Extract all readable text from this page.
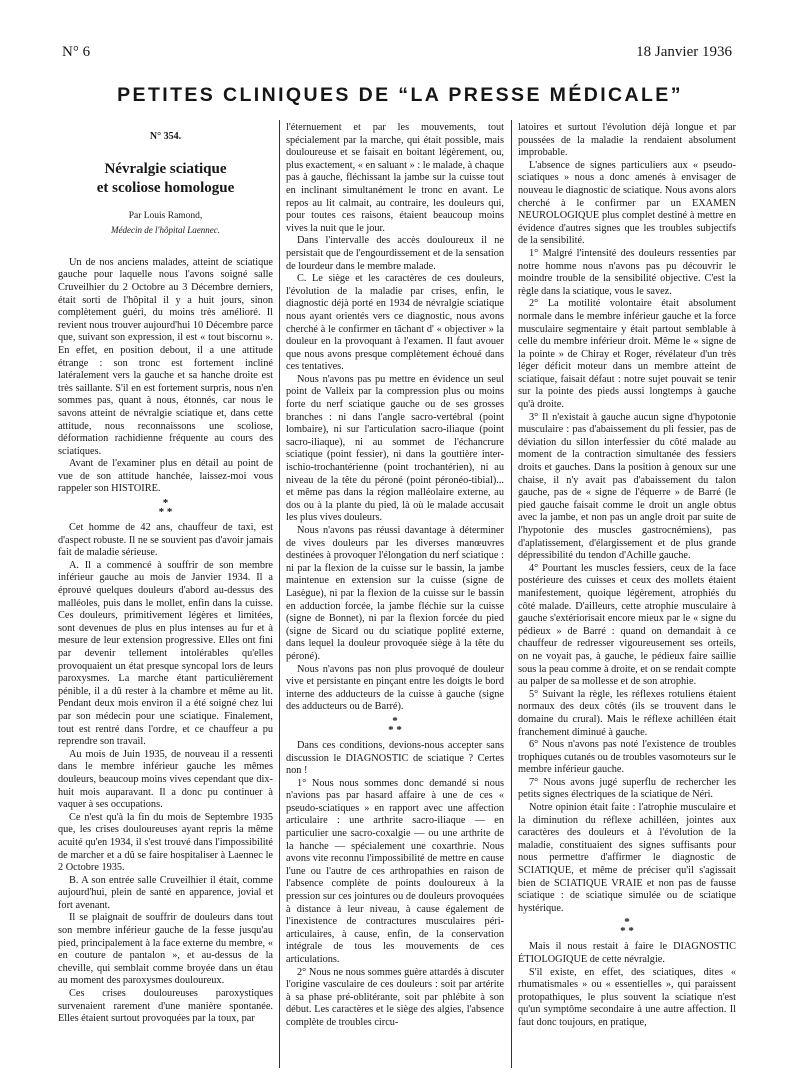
N° 6	18 Janvier 1936
PETITES CLINIQUES DE “LA PRESSE MÉDICALE”

N° 354.

Névralgie sciatique
et scoliose homologue

Par Louis Ramond,

Médecin de l'hôpital Laennec.

Un de nos anciens malades, atteint de sciatique gauche pour laquelle nous l'avons soigné salle Cruveilhier du 2 Octobre au 3 Décembre derniers, était sorti de l'hôpital il y a huit jours, sinon complètement guéri, du moins très amélioré. Il revient nous trouver aujourd'hui 10 Décembre parce que, suivant son expression, il est « tout biscornu ». En effet, en position debout, il a une attitude étrange : son tronc est fortement incliné latéralement vers la gauche et sa hanche droite est très saillante. S'il en est fortement surpris, nous n'en sommes pas, quant à nous, étonnés, car nous le savons atteint de névralgie sciatique et, dans cette attitude, nous reconnaissons une scoliose, déformation rachidienne fréquente au cours des sciatiques.

Avant de l'examiner plus en détail au point de vue de son attitude hanchée, laissez-moi vous rappeler son HISTOIRE.

*
* *

Cet homme de 42 ans, chauffeur de taxi, est d'aspect robuste. Il ne se souvient pas d'avoir jamais fait de maladie sérieuse.

A. Il a commencé à souffrir de son membre inférieur gauche au mois de Janvier 1934. Il a éprouvé quelques douleurs d'abord au-dessus des malléoles, puis dans le mollet, enfin dans la cuisse. Ces douleurs, primitivement légères et limitées, sont devenues de plus en plus intenses au fur et à mesure de leur extension progressive. Elles ont fini par devenir tellement intolérables qu'elles provoquaient un état presque syncopal lors de leurs paroxysmes. La marche étant particulièrement pénible, il a dû rester à la chambre et même au lit. Pendant deux mois environ il a été soigné chez lui par son médecin pour une sciatique. Finalement, tout est rentré dans l'ordre, et ce chauffeur a pu reprendre son travail.

Au mois de Juin 1935, de nouveau il a ressenti dans le membre inférieur gauche les mêmes douleurs, beaucoup moins vives cependant que dix-huit mois auparavant. Il a donc pu continuer à vaquer à ses occupations.

Ce n'est qu'à la fin du mois de Septembre 1935 que, les crises douloureuses ayant repris la même acuité qu'en 1934, il s'est trouvé dans l'impossibilité de marcher et a dû se faire hospitaliser à Laennec le 2 Octobre 1935.

B. A son entrée salle Cruveilhier il était, comme aujourd'hui, plein de santé en apparence, jovial et fort avenant.

Il se plaignait de souffrir de douleurs dans tout son membre inférieur gauche de la fesse jusqu'au pied, principalement à la face externe du membre, « en couture de pantalon », et au-dessus de la cheville, qui semblait comme broyée dans un étau au moment des paroxysmes douloureux.

Ces crises douloureuses paroxystiques survenaient rarement d'une manière spontanée. Elles étaient surtout provoquées par la toux, par

l'éternuement et par les mouvements, tout spécialement par la marche, qui était possible, mais douloureuse et se faisait en boitant légèrement, ou, plus exactement, « en saluant » : le malade, à chaque pas à gauche, fléchissant la jambe sur la cuisse tout en inclinant simultanément le tronc en avant. Le repos au lit calmait, au contraire, les douleurs qui, pour toutes ces raisons, étaient beaucoup moins vives la nuit que le jour.

Dans l'intervalle des accès douloureux il ne persistait que de l'engourdissement et de la sensation de lourdeur dans le membre malade.

C. Le siège et les caractères de ces douleurs, l'évolution de la maladie par crises, enfin, le diagnostic déjà porté en 1934 de névralgie sciatique nous ayant orientés vers ce diagnostic, nous avons cherché à le confirmer en tâchant d' « objectiver » la douleur en la provoquant à l'examen. Il faut avouer que nous avons presque complètement échoué dans ces tentatives.

Nous n'avons pas pu mettre en évidence un seul point de Valleix par la compression plus ou moins forte du nerf sciatique gauche ou de ses grosses branches : ni dans l'angle sacro-vertébral (point lombaire), ni sur l'articulation sacro-iliaque (point sacro-iliaque), ni au sommet de l'échancrure sciatique (point fessier), ni dans la gouttière inter-ischio-trochantérienne (point trochantérien), ni au niveau de la tête du péroné (point péronéo-tibial)... et même pas dans la région malléolaire externe, au dos ou à la plante du pied, là où le malade accusait les plus vives douleurs.

Nous n'avons pas réussi davantage à déterminer de vives douleurs par les diverses manœuvres destinées à provoquer l'élongation du nerf sciatique : ni par la flexion de la cuisse sur le bassin, la jambe maintenue en extension sur la cuisse (signe de Lasègue), ni par la flexion de la cuisse sur le bassin en adduction forcée, la jambe fléchie sur la cuisse (signe de Bonnet), ni par la flexion forcée du pied (signe de Sicard ou du sciatique poplité externe, dans lequel la douleur provoquée siège à la tête du péroné).

Nous n'avons pas non plus provoqué de douleur vive et persistante en pinçant entre les doigts le bord interne des adducteurs de la cuisse à gauche (signe des adducteurs ou de Barré).

*
* *

Dans ces conditions, devions-nous accepter sans discussion le DIAGNOSTIC de sciatique ? Certes non !

1° Nous nous sommes donc demandé si nous n'avions pas par hasard affaire à une de ces « pseudo-sciatiques » en rapport avec une affection articulaire : une arthrite sacro-iliaque — en particulier une sacro-coxalgie — ou une arthrite de la hanche — spécialement une coxarthrie. Nous avons vite reconnu l'impossibilité de mettre en cause l'une ou l'autre de ces arthropathies en raison de l'absence complète de points douloureux à la pression sur ces jointures ou de douleurs provoquées à distance à leur niveau, à cause également de l'inexistence de contractures musculaires péri-articulaires, à cause, enfin, de la conservation intégrale de tous les mouvements de ces articulations.

2° Nous ne nous sommes guère attardés à discuter l'origine vasculaire de ces douleurs : soit par artérite à sa phase pré-oblitérante, soit par phlébite à son début. Les caractères et le siège des algies, l'absence complète de troubles circu-

latoires et surtout l'évolution déjà longue et par poussées de la maladie la rendaient absolument improbable.

L'absence de signes particuliers aux « pseudo-sciatiques » nous a donc amenés à envisager de nouveau le diagnostic de sciatique. Nous avons alors cherché à le confirmer par un EXAMEN NEUROLOGIQUE plus complet destiné à mettre en évidence d'autres signes que les troubles subjectifs de la sensibilité.

1° Malgré l'intensité des douleurs ressenties par notre homme nous n'avons pas pu découvrir le moindre trouble de la sensibilité objective. C'est la règle dans la sciatique, vous le savez.

2° La motilité volontaire était absolument normale dans le membre inférieur gauche et la force musculaire segmentaire y était partout semblable à celle du membre inférieur droit. Même le « signe de la pointe » de Chiray et Roger, révélateur d'un très léger déficit moteur dans un membre atteint de sciatique, faisait défaut : notre sujet pouvait se tenir sur la pointe des pieds aussi longtemps à gauche qu'à droite.

3° Il n'existait à gauche aucun signe d'hypotonie musculaire : pas d'abaissement du pli fessier, pas de déviation du sillon interfessier du côté malade au moment de la contraction simultanée des fessiers droits et gauches. Dans la position à genoux sur une chaise, il n'y avait pas d'abaissement du talon gauche, pas de « signe de l'équerre » de Barré (le pied gauche faisait comme le droit un angle obtus avec la jambe, et non pas un angle droit par suite de l'hypotonie des muscles gastrocnémiens), pas d'aplatissement, d'élargissement et de plus grande dépressibilité du tendon d'Achille gauche.

4° Pourtant les muscles fessiers, ceux de la face postérieure des cuisses et ceux des mollets étaient manifestement, quoique légèrement, atrophiés du côté malade. D'ailleurs, cette atrophie musculaire à gauche s'extériorisait encore mieux par le « signe du pédieux » de Barré : quand on demandait à ce chauffeur de redresser vigoureusement ses orteils, on ne voyait pas, à gauche, le pédieux faire saillie sous la peau comme à droite, et on se rendait compte au palper de sa mollesse et de son atrophie.

5° Suivant la règle, les réflexes rotuliens étaient normaux des deux côtés (ils se trouvent dans le domaine du crural). Mais le réflexe achilléen était franchement diminué à gauche.

6° Nous n'avons pas noté l'existence de troubles trophiques cutanés ou de troubles vasomoteurs sur le membre inférieur gauche.

7° Nous avons jugé superflu de rechercher les petits signes électriques de la sciatique de Néri.

Notre opinion était faite : l'atrophie musculaire et la diminution du réflexe achilléen, jointes aux caractères des douleurs et à l'évolution de la maladie, constituaient des signes suffisants pour nous permettre d'affirmer le diagnostic de SCIATIQUE, et même de préciser qu'il s'agissait bien de SCIATIQUE VRAIE et non pas de fausse sciatique : de sciatique simulée ou de sciatique hystérique.

*
* *

Mais il nous restait à faire le DIAGNOSTIC ÉTIOLOGIQUE de cette névralgie.

S'il existe, en effet, des sciatiques, dites « rhumatismales » ou « essentielles », qui paraissent protopathiques, le plus souvent la sciatique n'est qu'un symptôme secondaire à une autre affection. Il faut donc toujours, en pratique,
